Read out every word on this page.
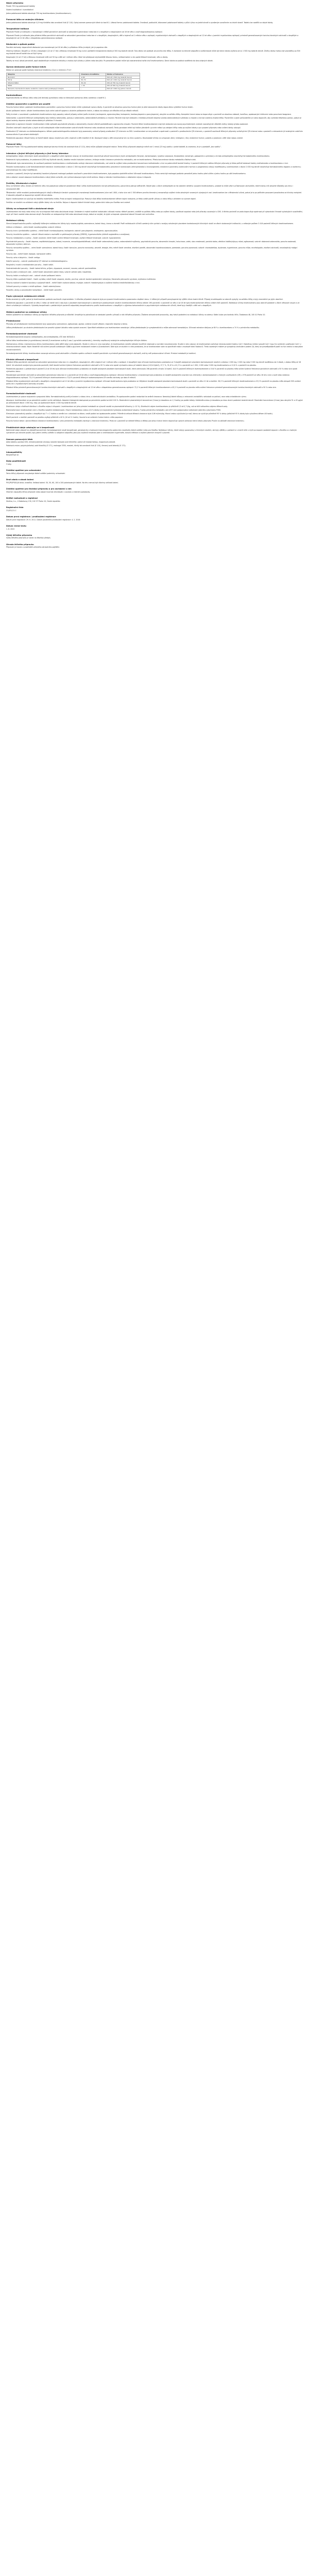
Název přípravku
Pivalin 750 mg potahované tablety
Složení kvalitativní i kvantitativní
Jedna potahovaná tableta obsahuje 750 mg levetiracetamu (levetiracetamum).
Pomocná látka se známým účinkem:
Jedna potahovaná tableta obsahuje 0,19 mg hlinitého laku oranžové žluti (E 110). Úplný seznam pomocných látek viz bod 6.1. Léková forma: potahovaná tableta. Oranžové, podlouhlé, bikonvexní potahované tablety s půlicí rýhou na jedné straně a vyraženým označením na druhé straně. Tabletu lze rozdělit na stejné dávky.
Terapeutické indikace
Přípravek Pivalin je indikován v monoterapii k léčbě parciálních záchvatů se sekundární generalizací nebo bez ní u dospělých a dospívajících od 16 let věku s nově diagnostikovanou epilepsií.
Přípravek Pivalin je indikován jako přídatná léčba parciálních záchvatů se sekundární generalizací nebo bez ní u dospělých, dospívajících, dětí a kojenců od 1 měsíce věku s epilepsií; myoklonických záchvatů u dospělých a dospívajících od 12 let věku s juvenilní myoklonickou epilepsií; primárně generalizovaných tonicko-klonických záchvatů u dospělých a dospívajících od 12 let věku s idiopatickou generalizovanou epilepsií.
Dávkování a způsob podání
Parciální záchvaty: doporučené dávkování pro monoterapii (od 16 let věku) a přídatnou léčbu je stejné, jak je popsáno níže.
Všechny indikace. Dospělí (≥ 18 let) a dospívající (12 až 17 let) s tělesnou hmotností 50 kg a více: počáteční terapeutická dávka je 500 mg dvakrát denně. Tuto dávku lze podávat od prvního dne léčby. V závislosti na klinické odpovědi a snášenlivosti může být denní dávka zvýšena až na 1 500 mg dvakrát denně. Změny dávky mohou být prováděny po 500 mg dvakrát denně každé dva až čtyři týdny.
Dospívající (12 až 17 let) s tělesnou hmotností nižší než 50 kg a děti od 1 měsíce věku: lékař má předepsat nejvhodnější lékovou formu, velikost balení a sílu podle tělesné hmotnosti, věku a dávky.
Tablety se musí užívat perorálně, zapít dostatečným množstvím tekutiny a mohou být užívány s jídlem nebo bez jídla. Po perorálním podání může být zaznamenána hořká chuť levetiracetamu. Denní dávka se podává rozdělená do dvou stejných dávek.
Úprava dávkování podle funkce ledvin
Dávka se upravuje podle hodnoty clearance kreatininu (CLcr) v ml/min/1,73 m².
Skupina	Clearance kreatininu	Dávka a frekvence
Normální	≥ 80	500 až 1 500 mg dvakrát denně
Mírná	50–79	500 až 1 000 mg dvakrát denně
Středně těžká	30–49	250 až 750 mg dvakrát denně
Těžká	< 30	250 až 500 mg dvakrát denně
Pacienti v terminálním stadiu renálního onemocnění podstupující dialýzu	–	500 až 1 000 mg jednou denně
Kontraindikace
Hypersenzitivita na léčivou látku nebo jiné deriváty pyrrolidonu nebo na kteroukoli pomocnou látku uvedenou v bodě 6.1.
Zvláštní upozornění a opatření pro použití
Porucha funkce ledvin: podávání levetiracetamu pacientům s poruchou funkce ledvin může vyžadovat úpravu dávky. U pacientů se závažnou poruchou funkce jater je před stanovením dávky doporučeno vyšetření funkce ledvin.
Akutní poškození ledvin: užívání levetiracetamu bylo velmi vzácně spojeno s akutním poškozením ledvin, s dobou do nástupu od několika dnů po několik měsíců.
Počty krvinek: v souvislosti s podáváním levetiracetamu byly popsány vzácné případy snížení počtu krvinek (neutropenie, agranulocytóza, leukopenie, trombocytopenie a pancytopenie), obvykle na začátku léčby. Kompletní krevní obraz se doporučuje u pacientů se závažnou slabostí, horečkou, opakovanými infekcemi nebo poruchami koagulace.
Sebevražda: u pacientů léčených antiepileptiky byly hlášeny sebevraždy, pokusy o sebevraždu, sebevražedné představy a chování. Pacienti mají být sledováni z hlediska příznaků deprese a/nebo sebevražedných představ a chování a má být zvážena vhodná léčba. Pacientům a jejich pečovatelům je nutno doporučit, aby vyhledali lékařskou pomoc, pokud se objeví známky deprese a/nebo sebevražedných představ či chování.
Abnormální a agresivní chování: levetiracetam může způsobit psychotické příznaky a abnormality chování včetně podrážděnosti a agresivního chování. Pacienti léčení levetiracetamem mají být sledováni pro rozvoj psychiatrických známek naznačujících důležité změny nálady a/nebo osobnosti.
Zhoršení záchvatů: stejně jako u jiných druhů antiepileptik může levetiracetam vzácně zhoršit frekvenci nebo závažnost záchvatů. Tento paradoxní efekt byl hlášen převážně v prvním měsíci po zahájení léčby nebo po zvýšení dávky a po vysazení přípravku nebo snížení dávky ustoupil.
Prodloužení QT intervalu na elektrokardiogramu: během postmarketingového sledování byly pozorovány vzácné případy prodloužení QT intervalu na EKG. Levetiracetam se má používat s opatrností u pacientů s prodloužením QTc intervalu, u pacientů současně léčených přípravky ovlivňujícími QTc interval nebo u pacientů s relevantním již existujícím srdečním onemocněním či poruchami elektrolytů.
Pediatrická populace: lékové formy ve formě tablet nejsou vhodné pro užití u kojenců a dětí mladších 6 let. Dostupné údaje u dětí nenaznačují vliv na růst a pubertu. Dlouhodobé účinky na schopnost učení, inteligenci, růst, endokrinní funkce, pubertu a plodnost u dětí však nejsou známé.
Pomocné látky
Přípravek Pivalin 750 mg potahované tablety obsahuje barvivo hlinitý lak oranžové žluti (E 110), který může způsobit alergické reakce. Tento léčivý přípravek obsahuje méně než 1 mmol (23 mg) sodíku v jedné tabletě, to znamená, že je v podstatě „bez sodíku“.
Interakce s jinými léčivými přípravky a jiné formy interakce
Antiepileptika: údaje z klinických studií provedených u dospělých před registrací ukazují, že levetiracetam neovlivňuje sérové koncentrace jiných antiepileptik (fenytoin, karbamazepin, kyselina valproová, fenobarbital, lamotrigin, gabapentin a primidon) a že tato antiepileptika neovlivňují farmakokinetiku levetiracetamu.
Probenecid: bylo prokázáno, že probenecid (500 mg čtyřikrát denně), blokátor renální tubulární sekrece, inhibuje renální clearance primárního metabolitu, ale ne levetiracetamu. Přesto koncentrace tohoto metabolitu zůstává nízká.
Methotrexát: bylo zaznamenáno, že současné podávání levetiracetamu a methotrexátu snižuje clearance methotrexátu, což vede ke zvýšení nebo prodloužení koncentrace methotrexátu v krvi na potenciálně toxické hladiny. U pacientů léčených oběma léčivými přípravky je třeba pečlivě sledovat hladiny methotrexátu a levetiracetamu v krvi.
Perorální kontraceptiva a jiné farmakokinetické interakce: levetiracetam v dávce 1 000 mg denně neovlivňuje farmakokinetiku perorálních kontraceptiv (ethinylestradiol a levonorgestrel); endokrinní parametry (luteinizační hormon a progesteron) nebyly modifikovány. Levetiracetam v dávce 2 000 mg denně neovlivňuje farmakokinetiku digoxinu a warfarinu; protrombinový čas nebyl modifikován.
Laxativa: u pacientů, kterým byl osmotický laxativní přípravek makrogol podáván současně s perorálním levetiracetamem, bylo popsáno ojedinělé snížení účinnosti levetiracetamu. Proto nemá být makrogol podáván perorálně jednu hodinu před užitím a jednu hodinu po užití levetiracetamu.
Jídlo a alkohol: rozsah absorpce levetiracetamu nebyl jídlem ovlivněn, ale rychlost absorpce byla mírně snížena. Údaje o interakci levetiracetamu s alkoholem nejsou k dispozici.
Fertilita, těhotenství a kojení
Ženy ve fertilním věku: ženám ve fertilním věku má poskytnout odborné poradenství lékař. Léčba levetiracetamem má být přehodnocena, pokud žena plánuje otěhotnět. Stejně jako u všech antiepileptik se má zabránit náhlému vysazení levetiracetamu, protože to může vést k průlomovým záchvatům, které mohou mít závažné důsledky pro ženu i nenarozené dítě.
Těhotenství: velké množství postmarketingových údajů o těhotných ženách vystavených monoterapii levetiracetamem (více než 1 800, z toho více než 1 500 během prvního trimestru) nenaznačuje zvýšení rizika závažných vrozených vývojových vad. Levetiracetam lze v těhotenství užívat, pokud je to po pečlivém posouzení považováno za klinicky nezbytné. V takovém případě se doporučuje nejnižší účinná dávka.
Kojení: levetiracetam se vylučuje do lidského mateřského mléka. Proto se kojení nedoporučuje. Pokud je však léčba levetiracetamem během kojení nezbytná, je třeba zvážit poměr přínosu a rizika léčby s ohledem na význam kojení.
Fertilita: ve studiích na zvířatech nebyl zjištěn žádný vliv na fertilitu. Nejsou k dispozici žádné klinické údaje, potenciální riziko pro člověka není známé.
Účinky na schopnost řídit a obsluhovat stroje
Levetiracetam má malý nebo mírný vliv na schopnost řídit nebo obsluhovat stroje. Vzhledem k možné rozdílné individuální citlivosti mohou někteří pacienti, zvláště na počátku léčby nebo po zvýšení dávky, pociťovat ospalost nebo jiné příznaky související s CNS. U těchto pacientů se proto doporučuje opatrnost při vykonávání činností vyžadujících soustředění, např. při řízení vozidel nebo obsluze strojů. Pacientům se nedoporučuje řídit nebo obsluhovat stroje, dokud se nezjistí, že jejich schopnost vykonávat takové činnosti není ovlivněna.
Nežádoucí účinky
Shrnutí bezpečnostního profilu: nejčastěji hlášenými nežádoucími účinky byly nazofaryngitida, somnolence, bolest hlavy, únava a závratě. Profil nežádoucích účinků uvedený níže vychází z analýzy sdružených placebem kontrolovaných klinických studií ve všech studovaných indikacích, s celkovým počtem 3 416 pacientů léčených levetiracetamem.
Infekce a infestace – velmi časté: nazofaryngitida; vzácné: infekce.
Poruchy krve a lymfatického systému – méně časté: trombocytopenie, leukopenie; vzácné: pancytopenie, neutropenie, agranulocytóza.
Poruchy imunitního systému – vzácné: léková reakce s eozinofilií a systémovými příznaky (DRESS), hypersenzitivita (včetně angioedému a anafylaxe).
Poruchy metabolismu a výživy – časté: anorexie; méně časté: snížení tělesné hmotnosti, zvýšení tělesné hmotnosti; vzácné: hyponatremie.
Psychiatrické poruchy – časté: deprese, nepřátelství/agrese, úzkost, insomnie, nervozita/podrážděnost; méně časté: sebevražedný pokus, sebevražedné myšlenky, psychotická porucha, abnormální chování, halucinace, vztek, stav zmatenosti, panická ataka, afektivní labilita/výkyvy nálad, agitovanost; vzácné: dokonaná sebevražda, porucha osobnosti, abnormální myšlení, delirium.
Poruchy nervového systému – velmi časté: somnolence, bolest hlavy; časté: konvulze, porucha rovnováhy, závratě, letargie, třes; méně časté: amnézie, zhoršení paměti, abnormální koordinace/ataxie, parestezie, porucha pozornosti; vzácné: choreoatetóza, dyskineze, hyperkineze, porucha chůze, encefalopatie, zhoršení záchvatů, neuroleptický maligní syndrom.
Poruchy oka – méně časté: diplopie, rozmazané vidění.
Poruchy ucha a labyrintu – časté: vertigo.
Srdeční poruchy – vzácné: prodloužený QT interval na elektrokardiogramu.
Respirační, hrudní a mediastinální poruchy – časté: kašel.
Gastrointestinální poruchy – časté: bolest břicha, průjem, dyspepsie, zvracení, nauzea; vzácné: pankreatitida.
Poruchy jater a žlučových cest – méně časté: abnormální jaterní testy; vzácné: selhání jater, hepatitida.
Poruchy ledvin a močových cest – vzácné: akutní poškození ledvin.
Poruchy kůže a podkožní tkáně – časté: vyrážka; méně časté: alopecie, ekzém, pruritus; vzácné: toxická epidermální nekrolýza, Stevensův-Johnsonův syndrom, erythema multiforme.
Poruchy svalové a kosterní soustavy a pojivové tkáně – méně časté: svalová slabost, myalgie; vzácné: rhabdomyolýza a zvýšená hladina kreatinfosfokinázy v krvi.
Celkové poruchy a reakce v místě aplikace – časté: astenie/únava.
Poranění, otravy a procedurální komplikace – méně časté: poranění.
Popis vybraných nežádoucích účinků
Riziko anorexie je vyšší, pokud je levetiracetam podáván současně s topiramátem. V několika případech alopecie bylo po vysazení levetiracetamu pozorováno zlepšení stavu. U některých případů pancytopenie byl zjištěn útlum kostní dřeně. Případy encefalopatie se obecně vyskytly na začátku léčby a byly reverzibilní po jejím ukončení.
Pediatrická populace: u pacientů ve věku 1 měsíc až méně než 4 roky bylo v placebem kontrolovaných a otevřených prodloužených studiích levetiracetamem léčeno celkem 190 pacientů. U pacientů ve věku 4 až 16 let bylo levetiracetamem léčeno celkem 645 pacientů. Nežádoucí účinky levetiracetamu jsou obecně podobné u všech věkových skupin a ve všech schválených indikacích. Výsledky bezpečnosti u pediatrických pacientů odpovídaly bezpečnostnímu profilu levetiracetamu u dospělých s výjimkou behaviorálních a psychiatrických nežádoucích účinků, které byly častější u dětí než u dospělých.
Hlášení podezření na nežádoucí účinky
Hlášení podezření na nežádoucí účinky po registraci léčivého přípravku je důležité. Umožňuje to pokračovat ve sledování poměru přínosů a rizik léčivého přípravku. Žádáme zdravotnické pracovníky, aby hlásili podezření na nežádoucí účinky na adresu: Státní ústav pro kontrolu léčiv, Šrobárova 48, 100 41 Praha 10.
Předávkování
Příznaky: při předávkování levetiracetamem byly pozorovány somnolence, agitovanost, agrese, snížená úroveň vědomí, respirační deprese a kóma.
Léčba předávkování: po akutním předávkování lze provést výplach žaludku nebo vyvolat zvracení. Specifické antidotum pro levetiracetam neexistuje. Léčba předávkování je symptomatická a může zahrnovat hemodialýzu. Účinnost extrakce dialýzou je 60 % u levetiracetamu a 74 % u primárního metabolitu.
Farmakodynamické vlastnosti
Farmakoterapeutická skupina: antiepileptika, jiná antiepileptika, ATC kód: N03AX14.
Léčivá látka levetiracetam je pyrrolidonový derivát (S-enantiomer α-ethyl-2-oxo-1-pyrrolidin acetamidu), chemicky nepříbuzný existujícím antiepileptickým léčivým látkám.
Mechanismus účinku: mechanismus účinku levetiracetamu stále ještě nebyl zcela objasněn. Studie in vitro a in vivo naznačují, že levetiracetam nemění základní buněčné vlastnosti a normální neurotransmisi. Studie in vitro ukazují, že levetiracetam ovlivňuje intraneuronální hladiny Ca2+ částečnou inhibicí proudů Ca2+ typu N a snížením uvolňování Ca2+ z intraneuronálních zásob. Navíc částečně ruší snížení proudů ovládaných GABA a glycinem indukované zinkem a β-karbolinem. Dále bylo ve studiích in vitro prokázáno, že se levetiracetam váže na specifické místo v mozkové tkáni hlodavců. Tímto vazebným místem je synaptický vezikulární protein 2A, který se pravděpodobně podílí na fúzi vezikul a exocytóze neurotransmiterů.
Farmakodynamické účinky: levetiracetam navozuje ochranu proti záchvatům v širokém spektru zvířecích modelů parciálních a primárně generalizovaných záchvatů, aniž by měl prokonvulzivní účinek. Primární metabolit je inaktivní.
Klinická účinnost a bezpečnost
Přídatná léčba parciálních záchvatů se sekundární generalizací nebo bez ní u dospělých, dospívajících, dětí a kojenců od 1 měsíce věku s epilepsií. U dospělých byla účinnost levetiracetamu prokázána ve 3 dvojitě zaslepených placebem kontrolovaných studiích s dávkou 1 000 mg, 2 000 mg nebo 3 000 mg denně rozdělenou do 2 dávek, s dobou léčby až 18 týdnů. Ve sdružené analýze bylo procento pacientů, kteří dosáhli snížení týdenní frekvence parciálních záchvatů o 50 % nebo více oproti výchozímu stavu při stabilní dávce (12/14 týdnů), 27,7 %, 31,6 % a 41,3 % u pacientů na 1 000, 2 000 nebo 3 000 mg levetiracetamu a 12,6 % u pacientů na placebu.
Pediatrická populace: u pediatrických pacientů (4 až 16 let) byla účinnost levetiracetamu prokázána ve dvojitě zaslepené placebem kontrolované studii, která zahrnovala 198 pacientů a trvala 14 týdnů. 44,6 % pacientů léčených levetiracetamem a 19,6 % pacientů na placebu mělo snížení týdenní frekvence parciálních záchvatů o 50 % nebo více oproti výchozímu stavu.
Monoterapie parciálních záchvatů se sekundární generalizací nebo bez ní u pacientů od 16 let věku s nově diagnostikovanou epilepsií: účinnost levetiracetamu v monoterapii byla prokázána ve dvojitě zaslepeném srovnání non-inferiority s karbamazepinem s řízeným uvolňováním (CR) u 576 pacientů ve věku 16 let a více s nově nebo nedávno diagnostikovanou epilepsií. 73,0 % pacientů léčených levetiracetamem a 72,8 % pacientů léčených karbamazepinem-CR nemělo záchvaty po dobu 6 měsíců.
Přídatná léčba myoklonických záchvatů u dospělých a dospívajících od 12 let věku s juvenilní myoklonickou epilepsií: účinnost levetiracetamu byla prokázána ve 16týdenní dvojitě zaslepené placebem kontrolované studii u pacientů ve věku 12 let a starších. 58,3 % pacientů léčených levetiracetamem a 23,3 % pacientů na placebu mělo alespoň 50% snížení počtu dní s myoklonickými záchvaty za týden.
Přídatná léčba primárně generalizovaných tonicko-klonických záchvatů u dospělých a dospívajících od 12 let věku s idiopatickou generalizovanou epilepsií: 72,2 % pacientů léčených levetiracetamem a 45,2 % pacientů na placebu mělo snížení frekvence primárně generalizovaných tonicko-klonických záchvatů o 50 % nebo více.
Farmakokinetické vlastnosti
Levetiracetam je vysoce rozpustná a propustná látka. Farmakokinetický profil je lineární s nízkou intra- a interindividuální variabilitou. Po opakovaném podání nedochází ke změně clearance. Neexistují žádné důkazy o relevantní variabilitě v závislosti na pohlaví, rase nebo cirkadiánním rytmu.
Absorpce: levetiracetam se po perorálním podání rychle vstřebává. Absolutní biologická dostupnost po perorálním podání se blíží 100 %. Maximálních plazmatických koncentrací (Cmax) je dosaženo za 1,3 hodiny po podání dávky. Ustáleného stavu je dosaženo po dvou dnech podávání dvakrát denně. Maximální koncentrace (Cmax) jsou obvykle 31 a 43 µg/ml po jednorázové dávce 1 000 mg, resp. po opakované dávce 1 000 mg dvakrát denně.
Distribuce: údaje o tkáňové distribuci u člověka nejsou k dispozici. Levetiracetam ani jeho primární metabolit se výrazně neváží na plazmatické bílkoviny (< 10 %). Distribuční objem levetiracetamu je přibližně 0,5 až 0,7 l/kg, což se blíží celkovému objemu tělesné vody.
Biotransformace: levetiracetam není u člověka rozsáhle metabolizován. Hlavní metabolickou cestou (24 % dávky) je enzymatická hydrolýza acetamidové skupiny. Tvorba primárního metabolitu ucb L057 není podporována izoformami jaterního cytochromu P450.
Eliminace: plazmatický poločas u dospělých byl 7 ± 1 hodina a nemění se v závislosti na dávce, cestě podání ani opakovaném podání. Průměrná celková tělesná clearance byla 0,96 ml/min/kg. Hlavní cestou vylučování je moč, kterou se vylučuje průměrně 95 % dávky (přibližně 93 % dávky bylo vyloučeno během 48 hodin).
Starší pacienti: u starších pacientů se poločas zvyšuje přibližně o 40 % (10 až 11 hodin). Souvisí to se snížením funkce ledvin u této populace.
Porucha funkce ledvin: zjevná tělesná clearance levetiracetamu i jeho primárního metabolitu koreluje s clearance kreatininu. Proto se u pacientů se středně těžkou a těžkou poruchou funkce ledvin doporučuje upravit udržovací denní dávku přípravku Pivalin na základě clearance kreatininu.
Předklinické údaje vztahující se k bezpečnosti
Neklinické údaje získané na základě konvenčních farmakologických studií bezpečnosti, genotoxicity a hodnocení kancerogenního potenciálu neodhalily žádné zvláštní riziko pro člověka. Nežádoucí účinky, které nebyly pozorovány v klinických studiích, ale byly zjištěny u potkanů a v menší míře u myší po expozici podobné expozici u člověka a s možným významem pro klinické použití, byly jaterní změny svědčící o adaptivní odpovědi, jako jsou zvýšená hmotnost jater a centrilobulární hypertrofie, tuková infiltrace a zvýšení jaterních enzymů v plazmě.
Seznam pomocných látek
Jádro tablety: povidon K30, mikrokrystalická celulosa, koloidní bezvodý oxid křemičitý, sodná sůl kroskarmelosy, magnesium-stearát.
Potahová vrstva: polyvinylalkohol, oxid titaničitý (E 171), makrogol 3350, mastek, hlinitý lak oranžové žluti (E 110), červený oxid železitý (E 172).
Inkompatibility
Neuplatňuje se.
Doba použitelnosti
3 roky.
Zvláštní opatření pro uchovávání
Tento léčivý přípravek nevyžaduje žádné zvláštní podmínky uchovávání.
Druh obalu a obsah balení
PVC/PE/PVDC/Al blistr, krabička. Velikost balení: 30, 50, 60, 100 a 200 potahovaných tablet. Na trhu nemusí být všechny velikosti balení.
Zvláštní opatření pro likvidaci přípravku a pro zacházení s ním
Všechen nepoužitý léčivý přípravek nebo odpad musí být zlikvidován v souladu s místními požadavky.
Držitel rozhodnutí o registraci
Zentiva, k.s., U Kabelovny 130, 102 37 Praha 10, Česká republika
Registrační číslo
21/451/11-C
Datum první registrace / prodloužení registrace
Datum první registrace: 29. 6. 2011. Datum posledního prodloužení registrace: 4. 2. 2016.
Datum revize textu
1. 8. 2022
Výdej léčivého přípravku
Výdej léčivého přípravku je vázán na lékařský předpis.
Úhrada léčivého přípravku
Přípravek je hrazen z prostředků veřejného zdravotního pojištění.
